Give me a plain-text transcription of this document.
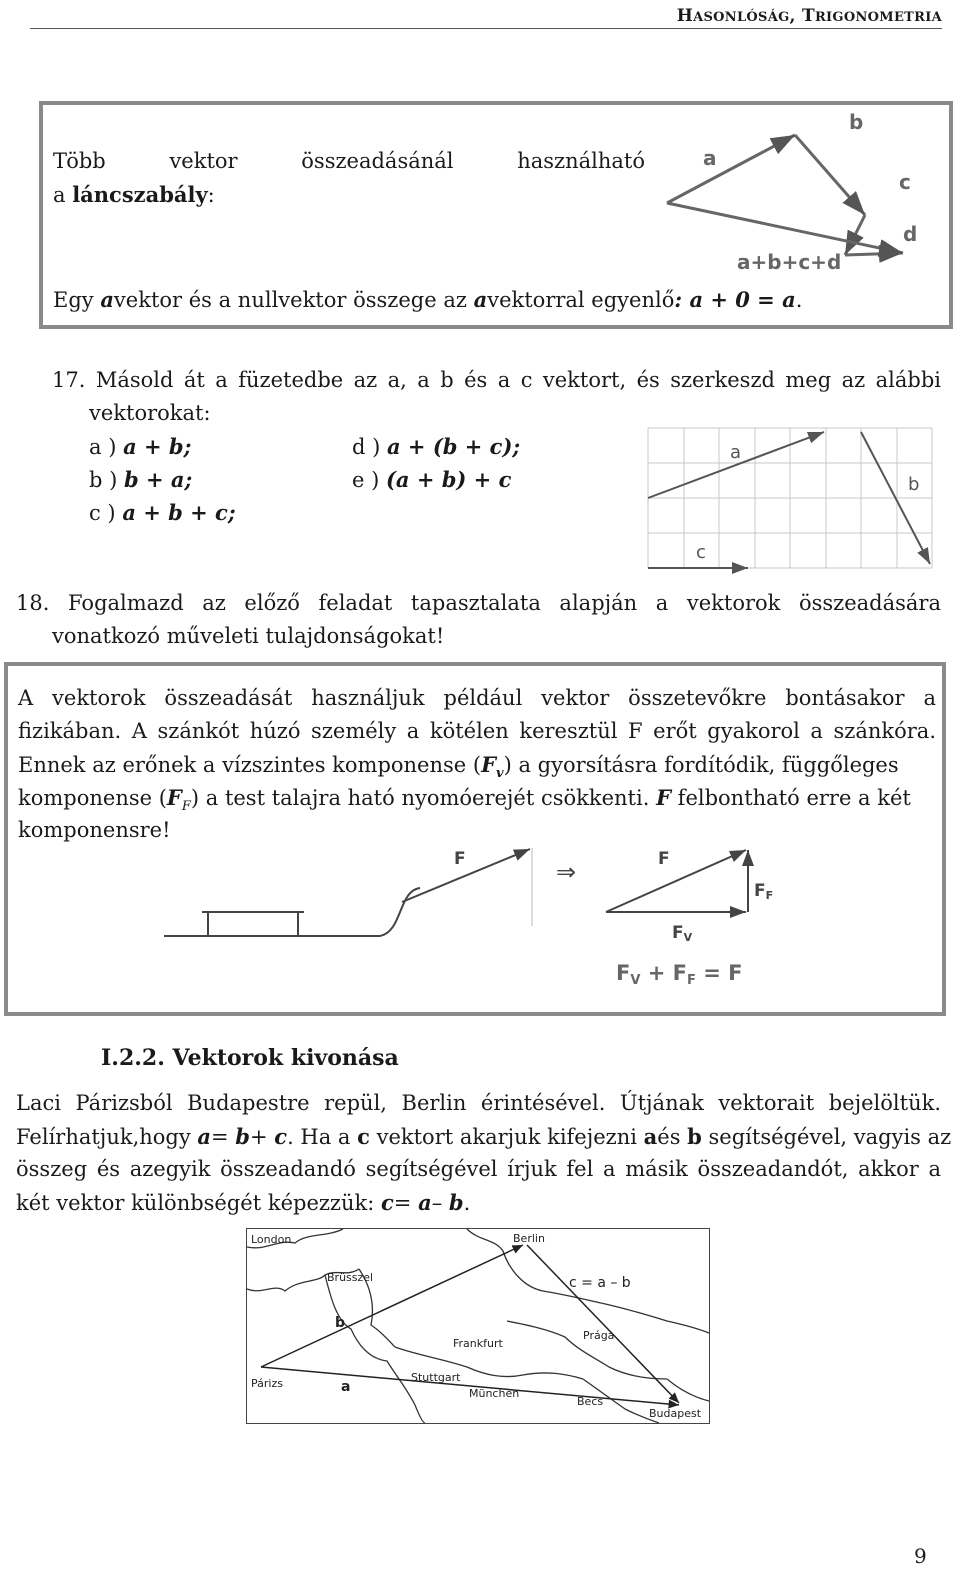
HASONLÓSÁG, TRIGONOMETRIA
Több	vektor	összeadásánál	használható
a láncszabály:
Egy avektor és a nullvektor összege az avektorral egyenlő: a + 0 = a.
a
b
c
d
a+b+c+d
17. Másold át a füzetedbe az a, a b és a c vektort, és szerkeszd meg az alábbi
vektorokat:
a ) a + b;
b ) b + a;
c ) a + b + c;
d ) a + (b + c);
e ) (a + b) + c
a
b
c
18. Fogalmazd az előző feladat tapasztalata alapján a vektorok összeadására
vonatkozó műveleti tulajdonságokat!
A vektorok összeadását használjuk például vektor összetevőkre bontásakor a
fizikában. A szánkót húzó személy a kötélen keresztül F erőt gyakorol a szánkóra.
Ennek az erőnek a vízszintes komponense $(F_v)$ a gyorsításra fordítódik, függőleges
komponense $(F_F)$ a test talajra ható nyomóerejét csökkenti. F felbontható erre a két
komponensre!
F	⇒	F
FF
FV
FV + FF = F
I.2.2. Vektorok kivonása
Laci Párizsból Budapestre repül, Berlin érintésével. Útjának vektorait bejelöltük.
Felírhatjuk,hogy a= b+ c. Ha a c vektort akarjuk kifejezni aés b segítségével, vagyis az
összeg és azegyik összeadandó segítségével írjuk fel a másik összeadandót, akkor a
két vektor különbségét képezzük: c= a– b.
London	Berlin
Brüsszel
Frankfurt
Prága
Párizs	Stuttgart
München
Becs
Budapest
a
b
c = a – b
9
